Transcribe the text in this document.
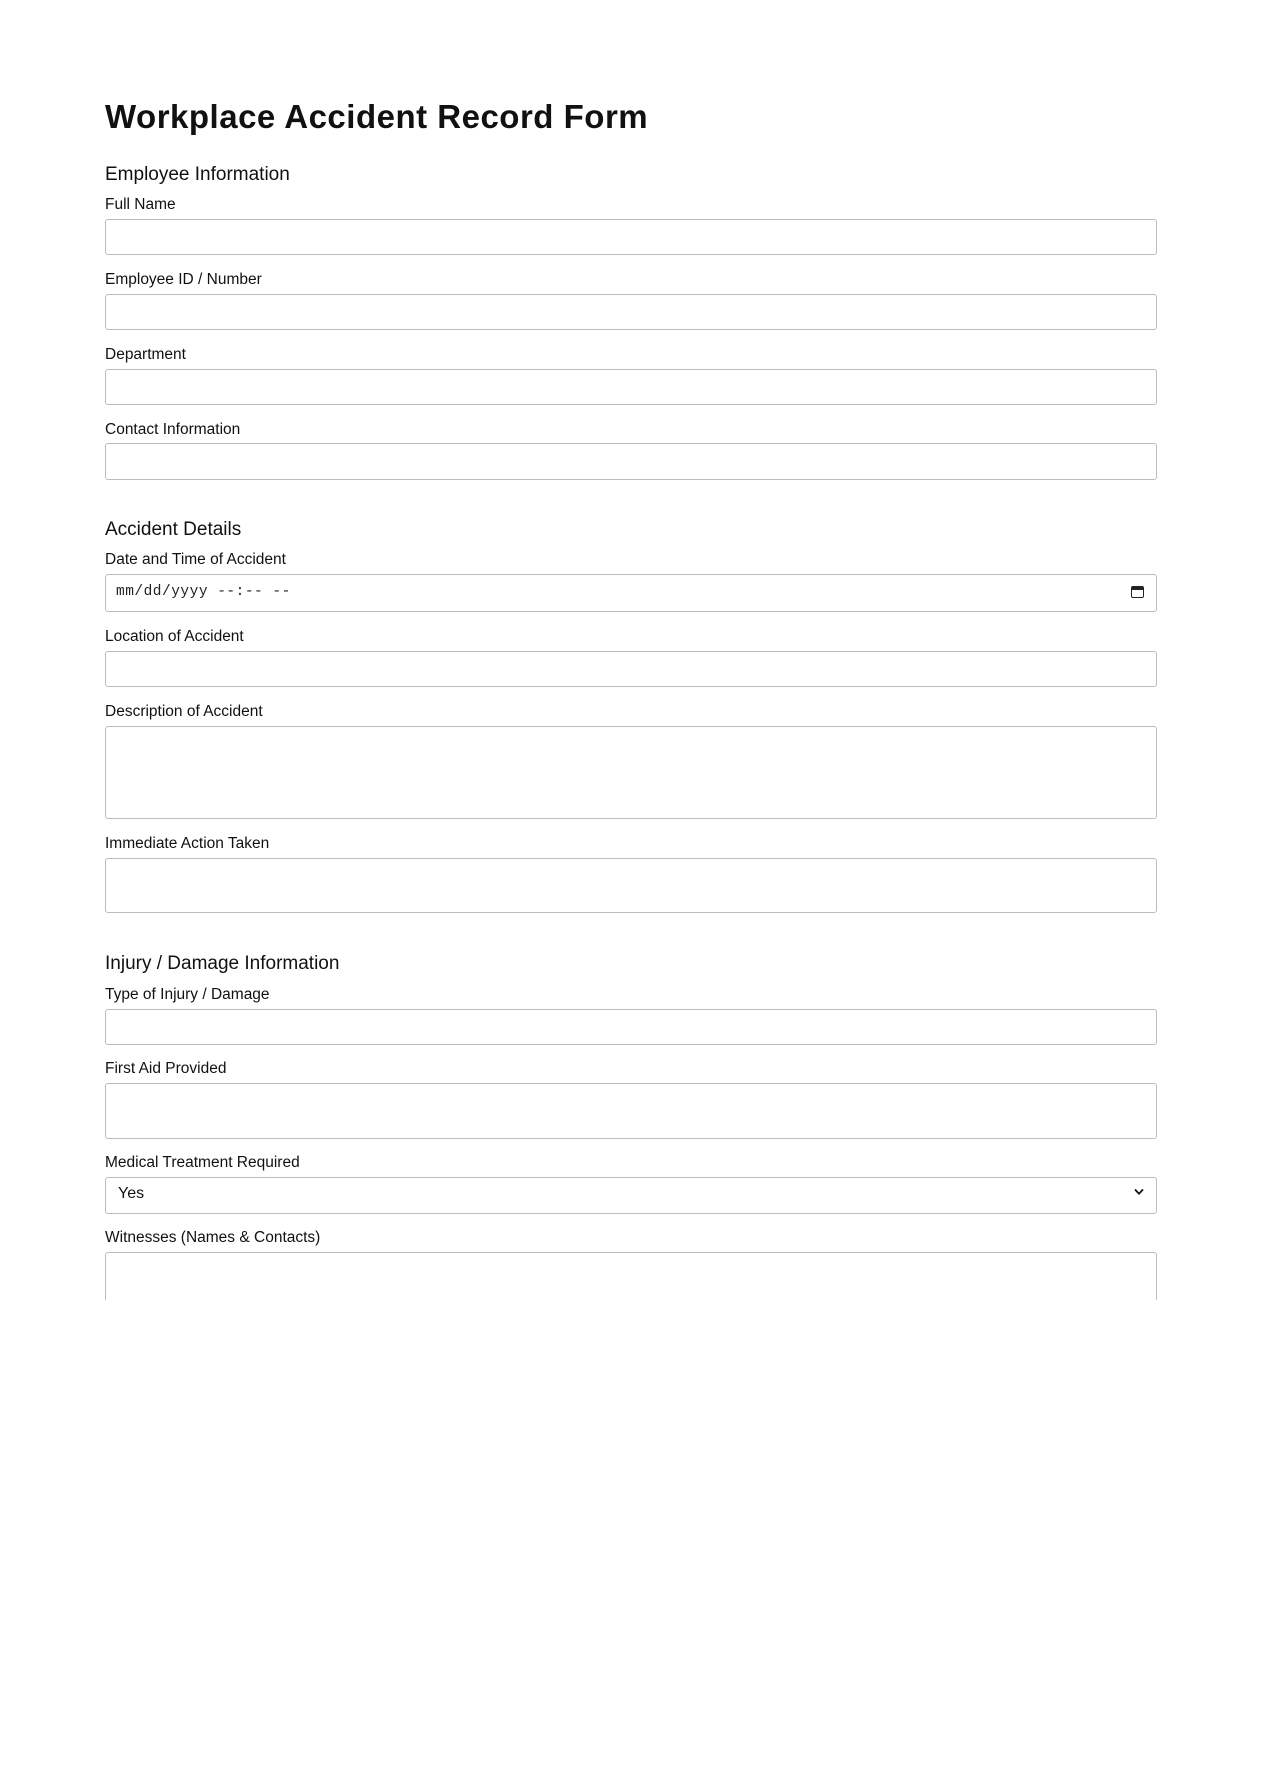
Workplace Accident Record Form
Employee Information
Full Name
Employee ID / Number
Department
Contact Information
Accident Details
Date and Time of Accident
mm/dd/yyyy --:-- --
Location of Accident
Description of Accident
Immediate Action Taken
Injury / Damage Information
Type of Injury / Damage
First Aid Provided
Medical Treatment Required
Yes
Witnesses (Names & Contacts)
